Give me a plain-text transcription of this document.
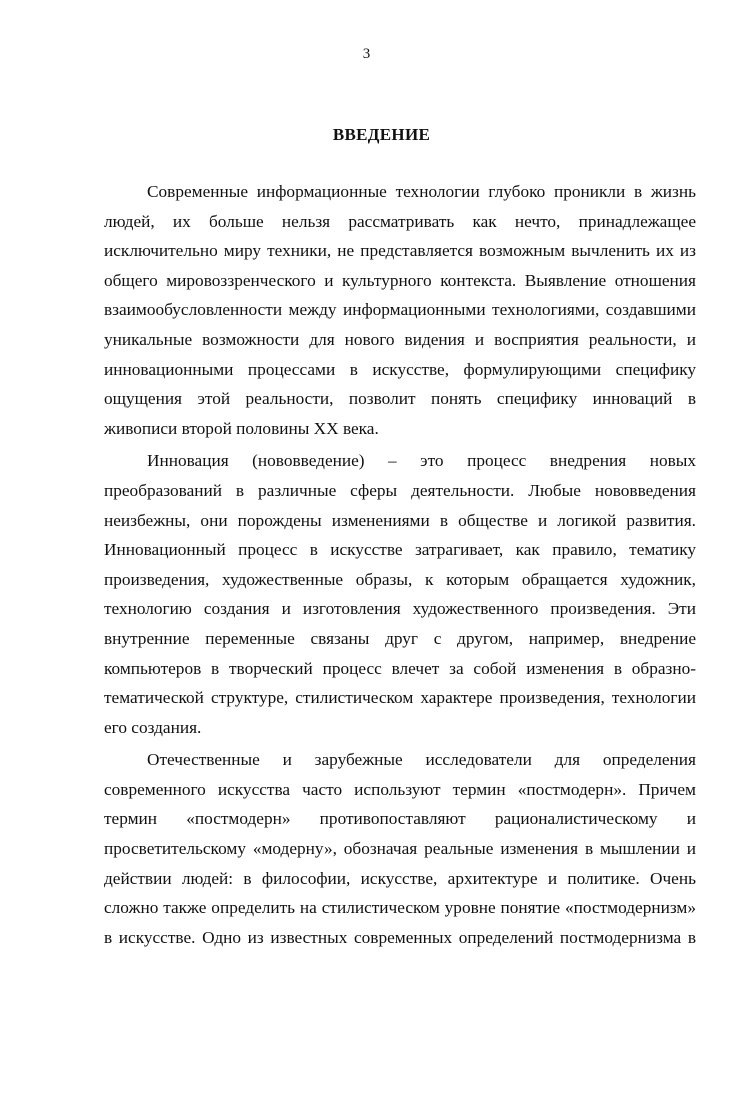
3
ВВЕДЕНИЕ

Современные информационные технологии глубоко проникли в жизнь
людей, их больше нельзя рассматривать как нечто, принадлежащее
исключительно миру техники, не представляется возможным вычленить их из
общего мировоззренческого и культурного контекста. Выявление отношения
взаимообусловленности между информационными технологиями, создавшими
уникальные возможности для нового видения и восприятия реальности, и
инновационными процессами в искусстве, формулирующими специфику
ощущения этой реальности, позволит понять специфику инноваций в
живописи второй половины XX века.

Инновация (нововведение) – это процесс внедрения новых
преобразований в различные сферы деятельности. Любые нововведения
неизбежны, они порождены изменениями в обществе и логикой развития.
Инновационный процесс в искусстве затрагивает, как правило, тематику
произведения, художественные образы, к которым обращается художник,
технологию создания и изготовления художественного произведения. Эти
внутренние переменные связаны друг с другом, например, внедрение
компьютеров в творческий процесс влечет за собой изменения в образно-
тематической структуре, стилистическом характере произведения, технологии
его создания.

Отечественные и зарубежные исследователи для определения
современного искусства часто используют термин «постмодерн». Причем
термин «постмодерн» противопоставляют рационалистическому и
просветительскому «модерну», обозначая реальные изменения в мышлении и
действии людей: в философии, искусстве, архитектуре и политике. Очень
сложно также определить на стилистическом уровне понятие «постмодернизм»
в искусстве. Одно из известных современных определений постмодернизма в
